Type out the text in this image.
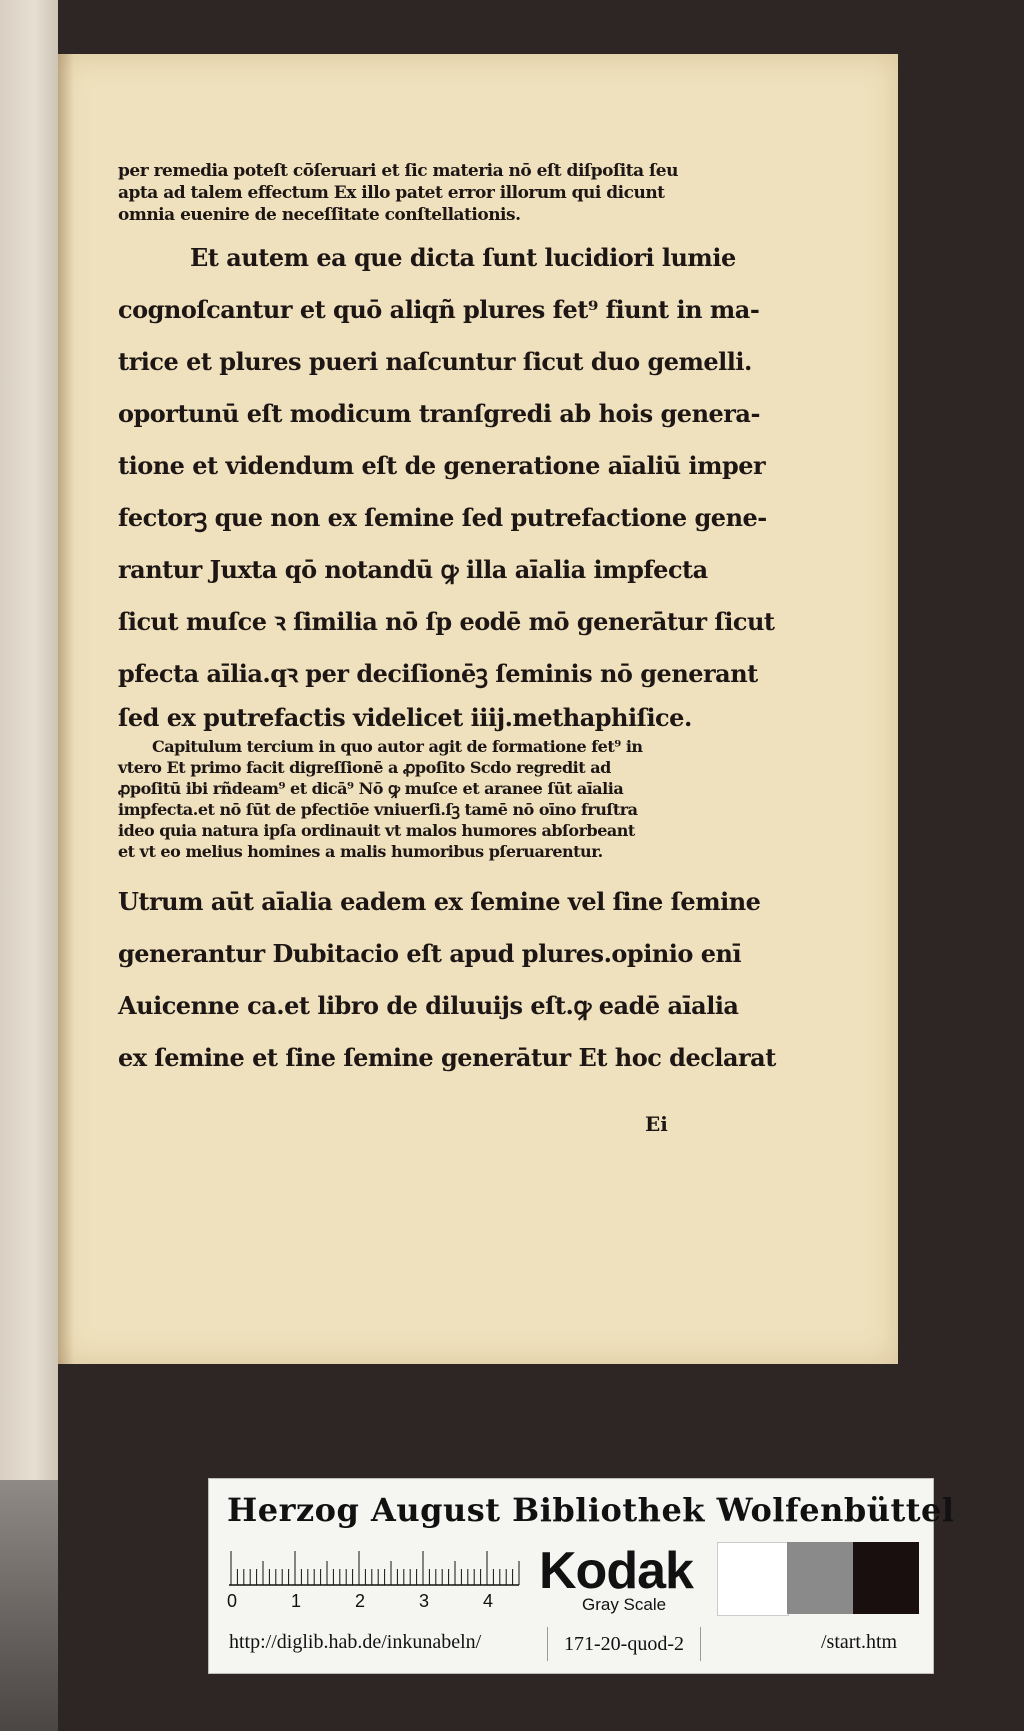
per remedia poteſt cōſeruari et ſic materia nō eſt diſpoſita ſeu
apta ad talem effectum Ex illo patet error illorum qui dicunt
omnia euenire de neceſſitate conſtellationis.
Et autem ea que dicta ſunt lucidiori lumie
cognoſcantur et quō aliqñ plures fet⁹ fiunt in ma-
trice et plures pueri naſcuntur ſicut duo gemelli.
oportunū eſt modicum tranſgredi ab hois genera-
tione et videndum eſt de generatione aīaliū imper
fectorꝫ que non ex ſemine ſed putrefactione gene-
rantur Juxta qō notandū ꝙ illa aīalia impfecta
ſicut muſce ꝛ ſimilia nō ſp eodē mō generātur ſicut
pfecta aīlia.qꝛ per deciſionēꝫ ſeminis nō generant
ſed ex putrefactis videlicet iiij.methaphiſice.
Capitulum tercium in quo autor agit de formatione fet⁹ in
vtero Et primo facit digreſſionē a ꝓpoſito Scdo regredit ad
ꝓpoſitū ibi rñdeam⁹ et dicā⁹ Nō ꝙ muſce et aranee ſūt aīalia
impfecta.et nō ſūt de pfectiōe vniuerſi.ſꝫ tamē nō oīno fruſtra
ideo quia natura ipſa ordinauit vt malos humores abſorbeant
et vt eo melius homines a malis humoribus pſeruarentur.
Utrum aūt aīalia eadem ex ſemine vel ſine ſemine
generantur Dubitacio eſt apud plures.opinio enī
Auicenne ca.et libro de diluuijs eſt.ꝙ eadē aīalia
ex ſemine et ſine ſemine generātur Et hoc declarat
Ei
Herzog August Bibliothek Wolfenbüttel
0	1	2	3	4
Kodak
Gray Scale
http://diglib.hab.de/inkunabeln/	171-20-quod-2	/start.htm
